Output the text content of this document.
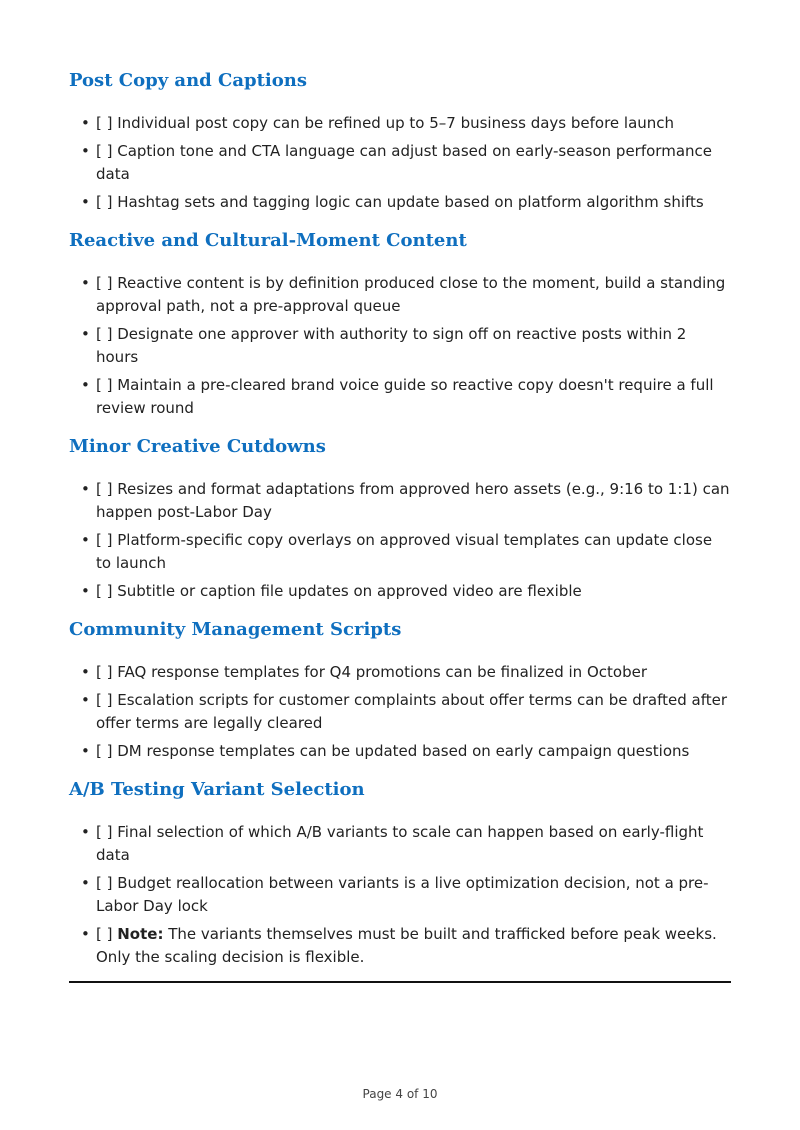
Post Copy and Captions
• [ ] Individual post copy can be refined up to 5–7 business days before launch
• [ ] Caption tone and CTA language can adjust based on early-season performance data
• [ ] Hashtag sets and tagging logic can update based on platform algorithm shifts
Reactive and Cultural-Moment Content
• [ ] Reactive content is by definition produced close to the moment, build a standing approval path, not a pre-approval queue
• [ ] Designate one approver with authority to sign off on reactive posts within 2 hours
• [ ] Maintain a pre-cleared brand voice guide so reactive copy doesn't require a full review round
Minor Creative Cutdowns
• [ ] Resizes and format adaptations from approved hero assets (e.g., 9:16 to 1:1) can happen post-Labor Day
• [ ] Platform-specific copy overlays on approved visual templates can update close to launch
• [ ] Subtitle or caption file updates on approved video are flexible
Community Management Scripts
• [ ] FAQ response templates for Q4 promotions can be finalized in October
• [ ] Escalation scripts for customer complaints about offer terms can be drafted after offer terms are legally cleared
• [ ] DM response templates can be updated based on early campaign questions
A/B Testing Variant Selection
• [ ] Final selection of which A/B variants to scale can happen based on early-flight data
• [ ] Budget reallocation between variants is a live optimization decision, not a pre-Labor Day lock
• [ ] Note: The variants themselves must be built and trafficked before peak weeks. Only the scaling decision is flexible.
Page 4 of 10
